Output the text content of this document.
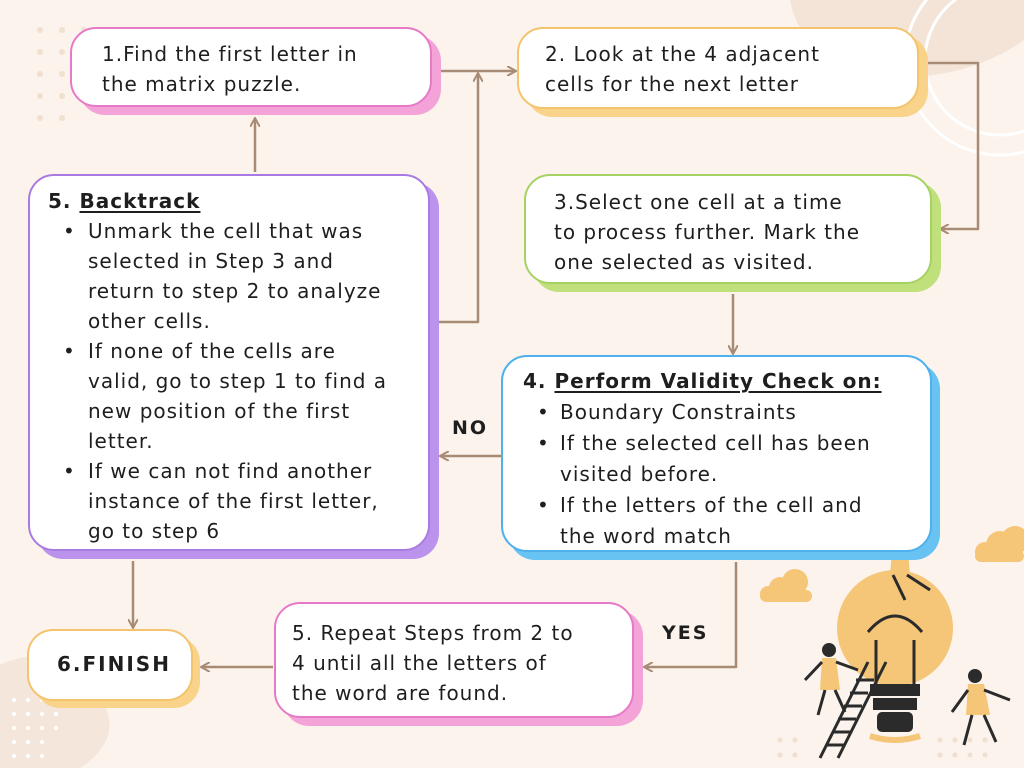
1.Find the first letter in
the matrix puzzle.

2. Look at the 4 adjacent
cells for the next letter

3.Select one cell at a time
to process further. Mark the
one selected as visited.

4. Perform Validity Check on:

• Boundary Constraints
• If the selected cell has been
visited before.
• If the letters of the cell and
the word match

5. Backtrack

• Unmark the cell that was
selected in Step 3 and
return to step 2 to analyze
other cells.
• If none of the cells are
valid, go to step 1 to find a
new position of the first
letter.
• If we can not find another
instance of the first letter,
go to step 6

5. Repeat Steps from 2 to
4 until all the letters of
the word are found.

6.FINISH
NO
YES
